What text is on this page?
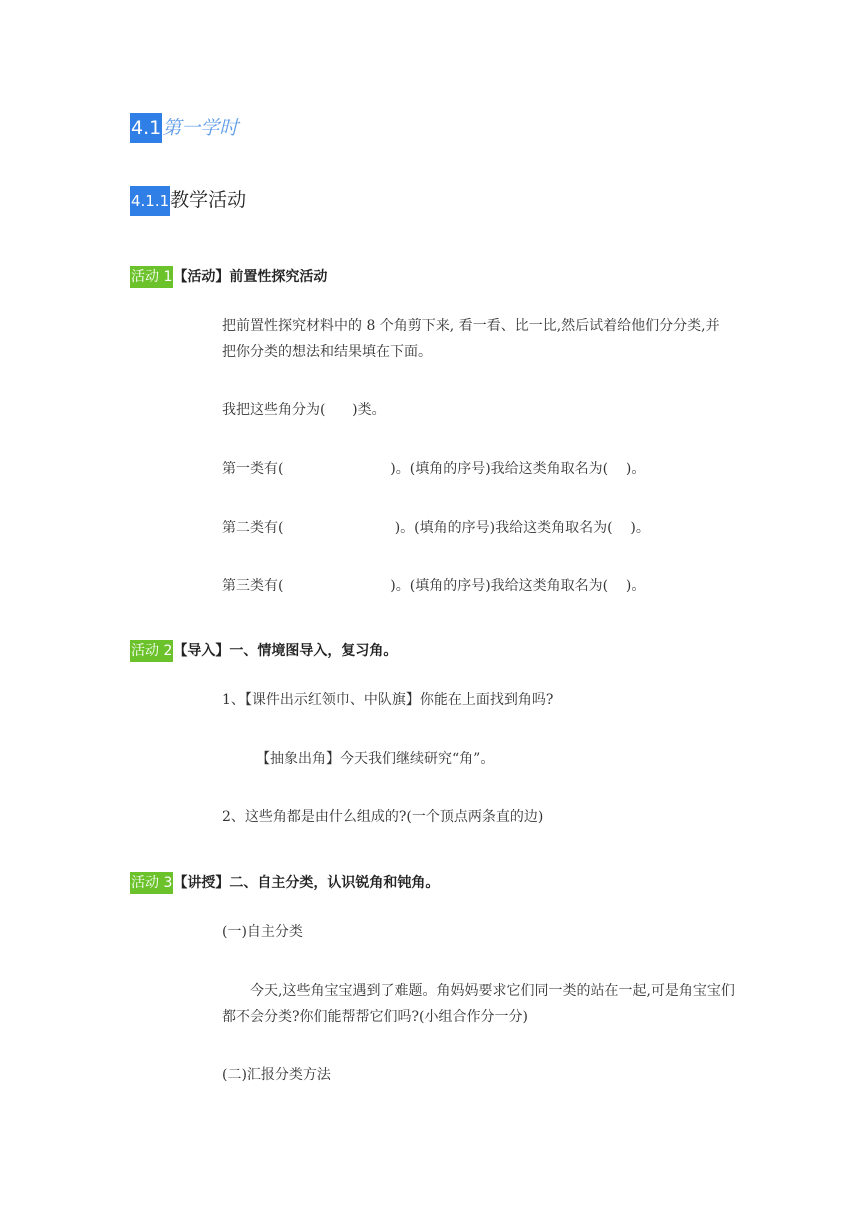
4.1第一学时
4.1.1教学活动
活动 1【活动】前置性探究活动
把前置性探究材料中的 8 个角剪下来, 看一看、比一比,然后试着给他们分分类,并把你分类的想法和结果填在下面。
我把这些角分为(      )类。
第一类有(                        )。(填角的序号)我给这类角取名为(    )。
第二类有(                         )。(填角的序号)我给这类角取名为(    )。
第三类有(                        )。(填角的序号)我给这类角取名为(    )。
活动 2【导入】一、情境图导入，复习角。
1、【课件出示红领巾、中队旗】你能在上面找到角吗?
【抽象出角】今天我们继续研究“角”。
2、这些角都是由什么组成的?(一个顶点两条直的边)
活动 3【讲授】二、自主分类，认识锐角和钝角。
(一)自主分类
今天,这些角宝宝遇到了难题。角妈妈要求它们同一类的站在一起,可是角宝宝们都不会分类?你们能帮帮它们吗?(小组合作分一分)
(二)汇报分类方法
